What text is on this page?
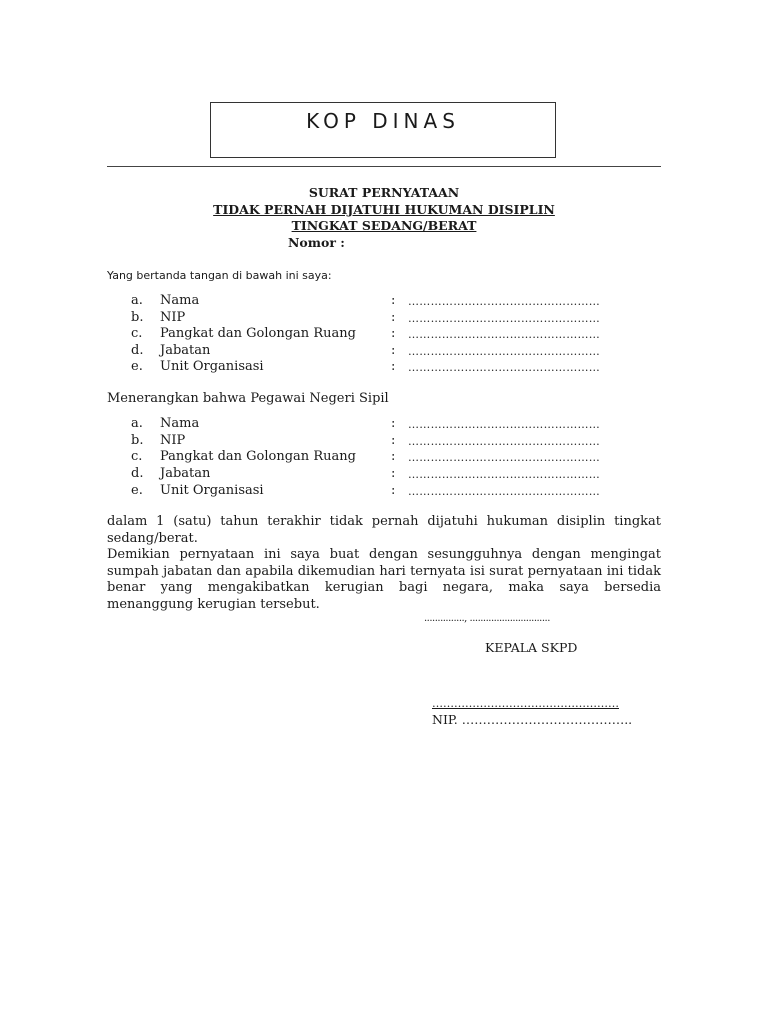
KOP DINAS
SURAT PERNYATAAN
TIDAK PERNAH DIJATUHI HUKUMAN DISIPLIN
TINGKAT SEDANG/BERAT
Nomor :
Yang bertanda tangan di bawah ini saya:
a. Nama	: ……………………………………………
b. NIP	: ……………………………………………
c. Pangkat dan Golongan Ruang	: ……………………………………………
d. Jabatan	: ……………………………………………
e. Unit Organisasi	: ……………………………………………
Menerangkan bahwa Pegawai Negeri Sipil
a. Nama	: ……………………………………………
b. NIP	: ……………………………………………
c. Pangkat dan Golongan Ruang	: ……………………………………………
d. Jabatan	: ……………………………………………
e. Unit Organisasi	: ……………………………………………
dalam 1 (satu) tahun terakhir tidak pernah dijatuhi hukuman disiplin tingkat sedang/berat.
Demikian pernyataan ini saya buat dengan sesungguhnya dengan mengingat sumpah jabatan dan apabila dikemudian hari ternyata isi surat pernyataan ini tidak benar yang mengakibatkan kerugian bagi negara, maka saya bersedia menanggung kerugian tersebut.
..............., ..............................
KEPALA SKPD
……………………………………………
NIP. …………………………………..
